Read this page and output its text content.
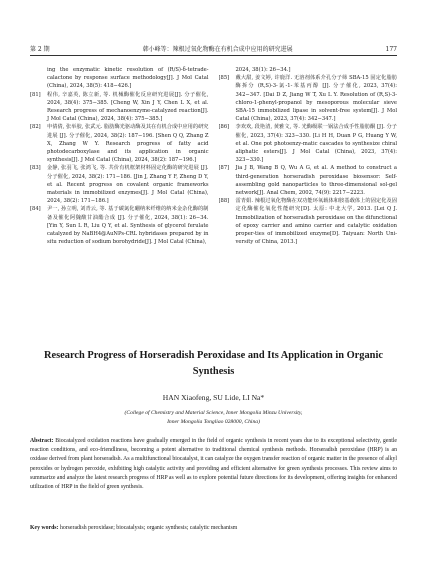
第 2 期	韩小峰等：辣根过氧化物酶在有机合成中应用的研究进展	177
ing the enzymatic kinetic resolution of (R/S)-δ-tetrade-calactone by response surface methodology[J]. J Mol Catal (China), 2024, 38(5): 418−426.]
[81]	程伟, 辛嘉英, 陈立新, 等. 机械酶催化反应研究进展[J]. 分子催化, 2024, 38(4): 375−385. [Cheng W, Xin J Y, Chen L X, et al. Research progress of mechanoenzyme-catalyzed reaction[J]. J Mol Catal (China), 2024, 38(4): 375−385.]
[82]	申倩倩, 张举胶, 张武元. 脂肪酶光驱动酶及其在有机合成中应用的研究进展 [J]. 分子催化, 2024, 38(2): 187−196. [Shen Q Q, Zhang Z X, Zhang W Y. Research progress of fatty acid photodecarboxylase and its application in organic synthesis[J]. J Mol Catal (China), 2024, 38(2): 187−196.]
[83]	金静, 张羽飞, 张鸿飞, 等. 共价有机框架材料固定化酶的研究进展 [J]. 分子催化, 2024, 38(2): 171−186. [Jin J, Zhang Y F, Zheng D Y, et al. Recent progress on covalent organic frameworks materials in immobilized enzymes[J]. J Mol Catal (China), 2024, 38(2): 171−186.]
[84]	尹一, 孙立明, 刘青云, 等. 基于碳氮化硼纳米纤维的纳米金杂化酶的制备及催化阿魏酸甘油酯合成 [J]. 分子催化, 2024, 38(1): 26−34. [Yin Y, Sun L R, Liu Q Y, et al. Synthesis of glycerol ferulate catalyzed by NaBH4@AuNPs-CRL hybridases prepared by in situ reduction of sodium borohydride[J]. J Mol Catal (China),
2024, 38(1): 26−34.]
[85]	戴大甜, 姜文婷, 许鹿洋. 无溶剂体系介孔分子筛 SBA-15 固定化脂肪酶拆分 (R,S)-3-氯-1-苯基丙醇 [J]. 分子催化, 2023, 37(4): 342−347. [Dai D Z, Jiang W T, Xu L Y. Resolution of (R,S)-3-chloro-1-phenyl-propanol by mesoporous molecular sieve SBA-15 immobilized lipase in solvent-free system[J]. J Mol Catal (China), 2023, 37(4): 342−347.]
[86]	李欢欢, 段艳清, 黄雅文, 等. 光酶级联一锅法合成手性脂肪酮 [J]. 分子催化, 2023, 37(4): 323−330. [Li H H, Duan P G, Huang Y W, et al. One pot photoenzy-matic cascades to synthesize chiral aliphatic esters[J]. J Mol Catal (China), 2023, 37(4): 323−330.]
[87]	Jia J B, Wang B Q, Wu A G, et al. A method to construct a third-generation horseradish peroxidase biosensor: Self-assembling gold nanoparticles to three-dimensional sol-gel network[J]. Anal Chem, 2002, 74(9): 2217−2223.
[88]	雷青娟. 辣根过氧化物酶在双功能环氧载体和胺基载体上的固定化及固定化酶催化氧化性能研究[D]. 太原: 中北大学, 2013. [Lei Q J. Immobilization of horseradish peroxidase on the difunctional of epoxy carrier and amino carrier and catalytic oxidation proper-ties of immobilized enzyme[D]. Taiyuan: North Uni-versity of China, 2013.]
Research Progress of Horseradish Peroxidase and Its Application in Organic Synthesis
HAN Xiaofeng, SU Lide, LI Na*
(College of Chemistry and Material Science, Inner Mongolia Minzu University,
Inner Mongolia Tongliao 028000, China)
Abstract: Biocatalyzed oxidation reactions have gradually emerged in the field of organic synthesis in recent years due to its exceptional selectivity, gentle reaction conditions, and eco-friendliness, becoming a potent alternative to traditional chemical synthesis methods. Horseradish peroxidase (HRP) is an oxidase derived from plant horseradish. As a multifunctional biocatalyst, it can catalyze the oxygen transfer reaction of organic matter in the presence of alkyl peroxides or hydrogen peroxide, exhibiting high catalytic activity and providing and efficient alternative for green synthesis processes. This review aims to summarize and analyze the latest research progress of HRP as well as to explore potential future directions for its development, offering insights for enhanced utilization of HRP in the field of green synthesis.
Key words: horseradish peroxidase; biocatalysis; organic synthesis; catalytic mechanism
